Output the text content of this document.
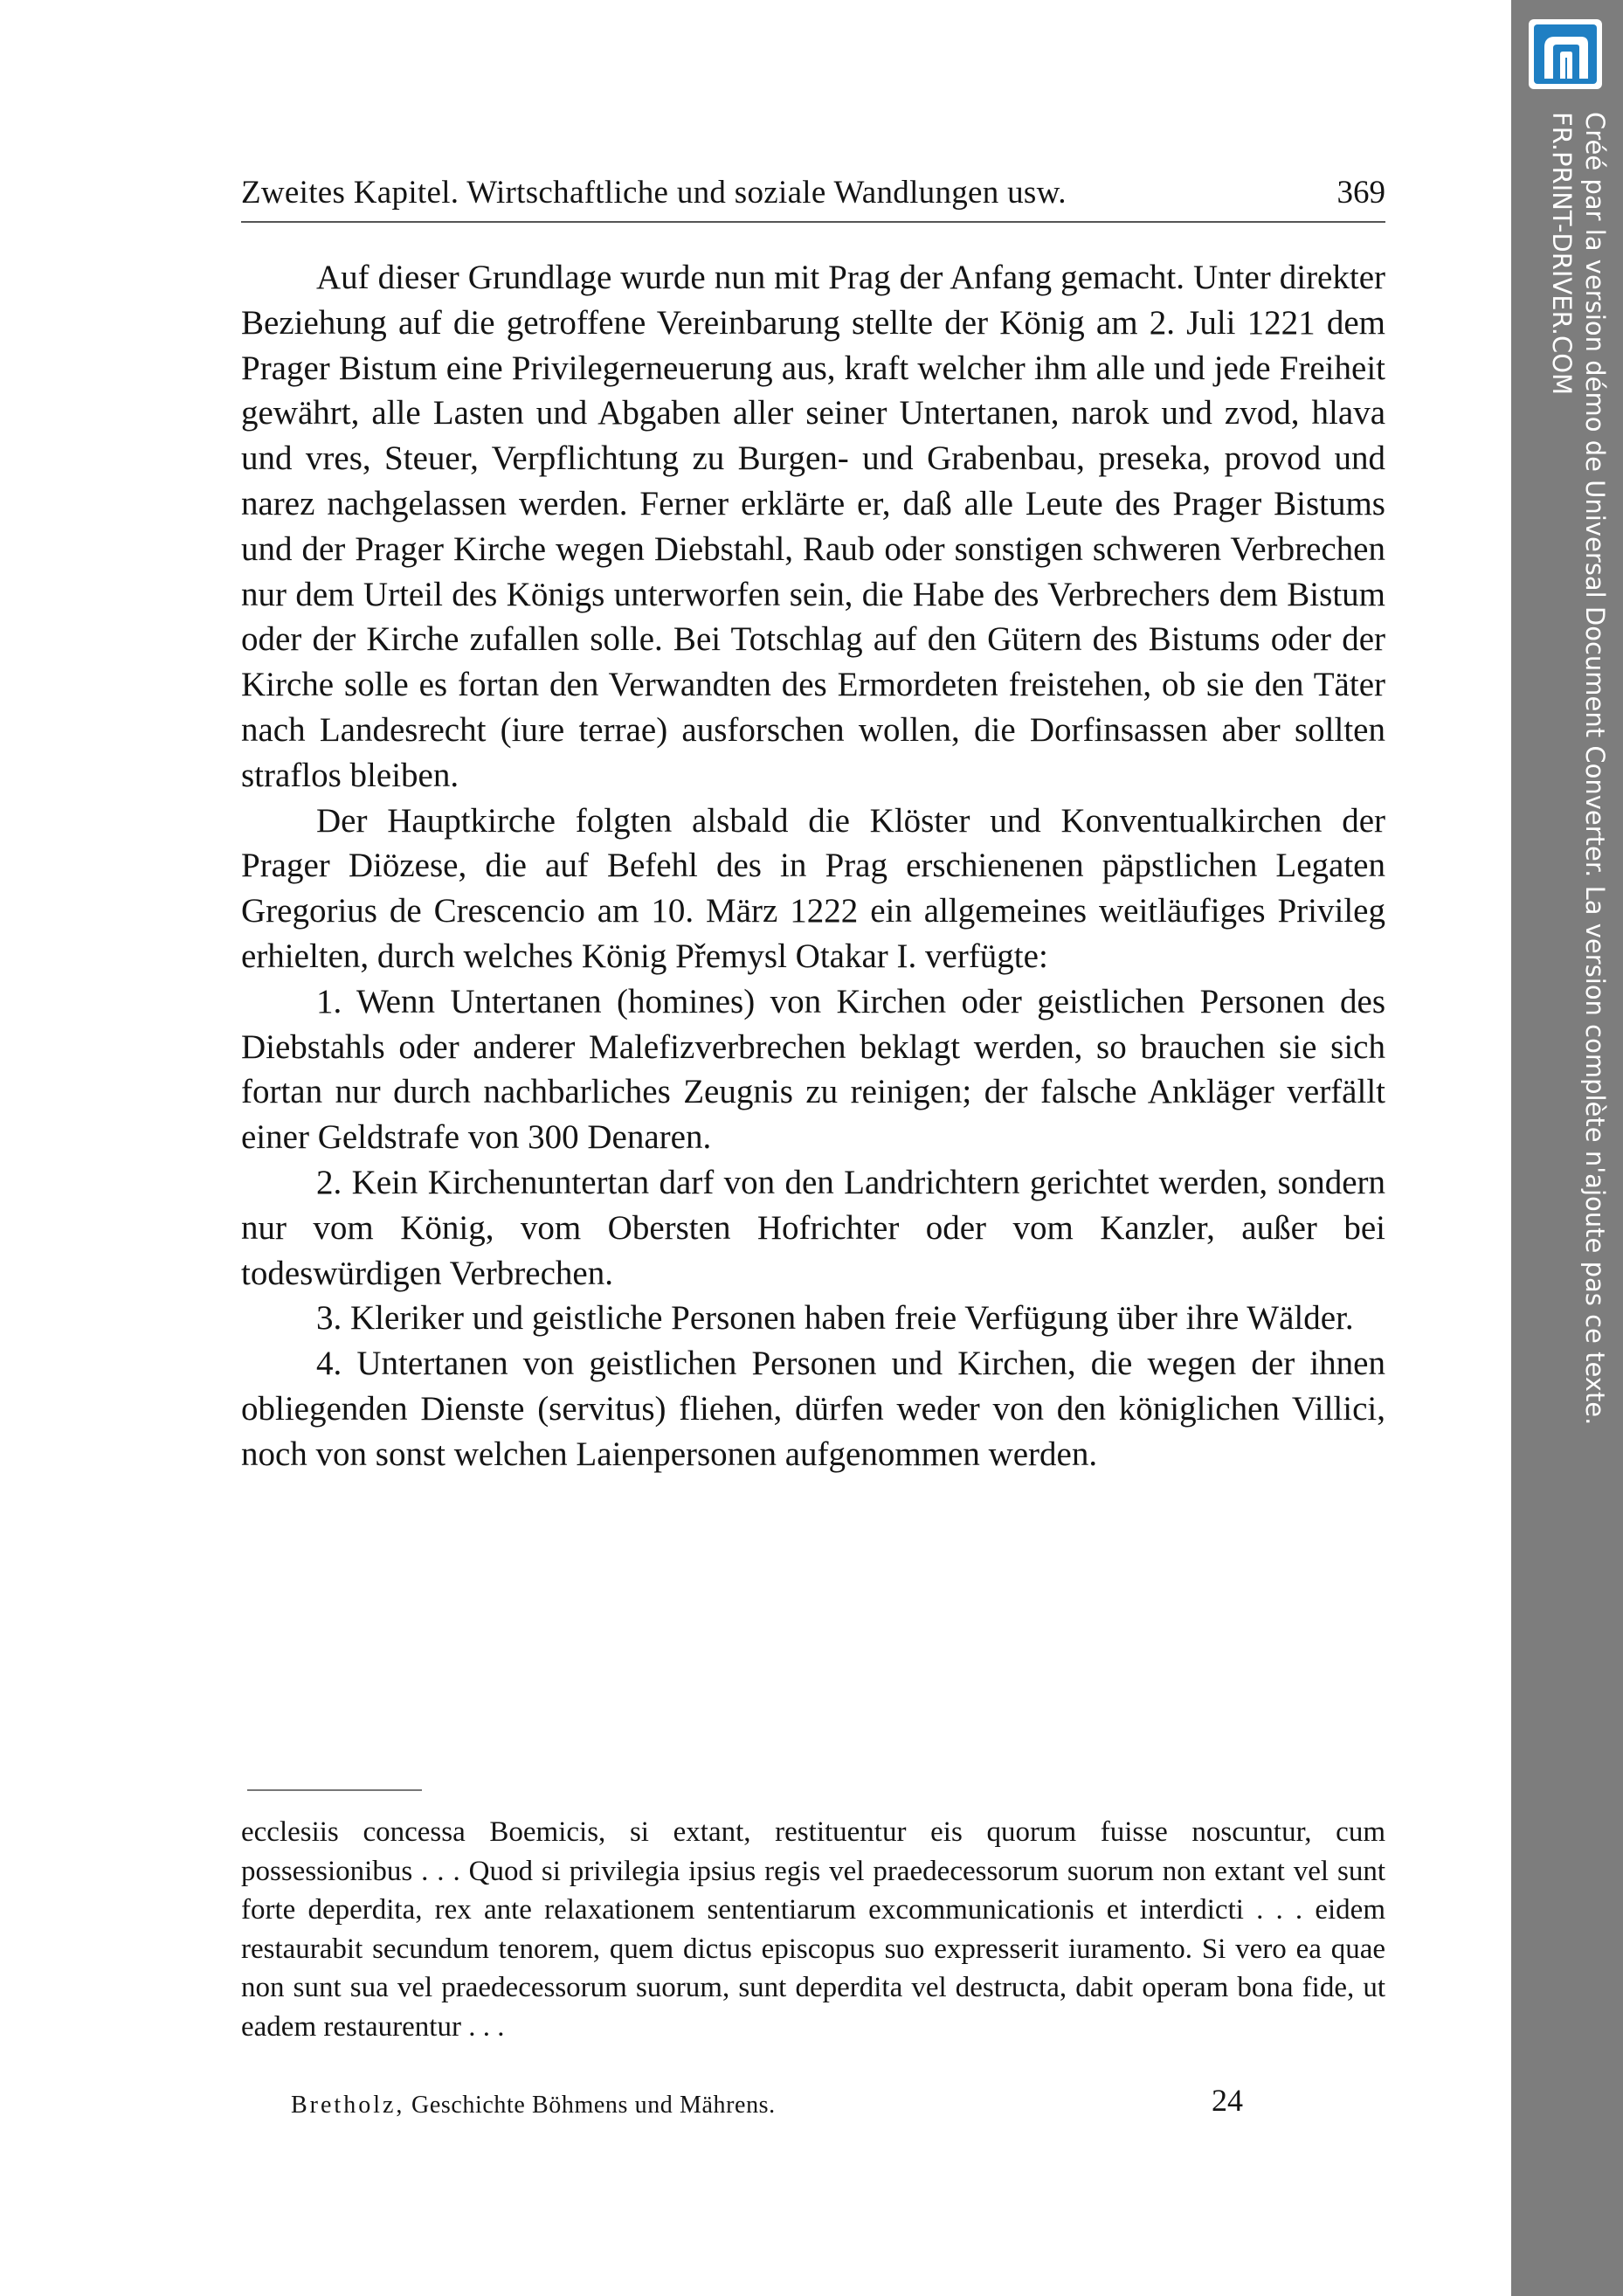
Zweites Kapitel. Wirtschaftliche und soziale Wandlungen usw.	369

Auf dieser Grundlage wurde nun mit Prag der Anfang gemacht. Unter direkter Beziehung auf die getroffene Vereinbarung stellte der König am 2. Juli 1221 dem Prager Bistum eine Privilegerneuerung aus, kraft welcher ihm alle und jede Freiheit gewährt, alle Lasten und Abgaben aller seiner Untertanen, narok und zvod, hlava und vres, Steuer, Verpflichtung zu Burgen- und Grabenbau, preseka, provod und narez nachgelassen werden. Ferner erklärte er, daß alle Leute des Prager Bistums und der Prager Kirche wegen Diebstahl, Raub oder sonstigen schweren Verbrechen nur dem Urteil des Königs unterworfen sein, die Habe des Verbrechers dem Bistum oder der Kirche zufallen solle. Bei Totschlag auf den Gütern des Bistums oder der Kirche solle es fortan den Verwandten des Ermordeten freistehen, ob sie den Täter nach Landesrecht (iure terrae) ausforschen wollen, die Dorfinsassen aber sollten straflos bleiben.

Der Hauptkirche folgten alsbald die Klöster und Konventualkirchen der Prager Diözese, die auf Befehl des in Prag erschienenen päpstlichen Legaten Gregorius de Crescencio am 10. März 1222 ein allgemeines weitläufiges Privileg erhielten, durch welches König Přemysl Otakar I. verfügte:

1. Wenn Untertanen (homines) von Kirchen oder geistlichen Personen des Diebstahls oder anderer Malefizverbrechen beklagt werden, so brauchen sie sich fortan nur durch nachbarliches Zeugnis zu reinigen; der falsche Ankläger verfällt einer Geldstrafe von 300 Denaren.

2. Kein Kirchenuntertan darf von den Landrichtern gerichtet werden, sondern nur vom König, vom Obersten Hofrichter oder vom Kanzler, außer bei todeswürdigen Verbrechen.

3. Kleriker und geistliche Personen haben freie Verfügung über ihre Wälder.

4. Untertanen von geistlichen Personen und Kirchen, die wegen der ihnen obliegenden Dienste (servitus) fliehen, dürfen weder von den königlichen Villici, noch von sonst welchen Laienpersonen aufgenommen werden.

ecclesiis concessa Boemicis, si extant, restituentur eis quorum fuisse noscuntur, cum possessionibus . . . Quod si privilegia ipsius regis vel praedecessorum suorum non extant vel sunt forte deperdita, rex ante relaxationem sententiarum excommunicationis et interdicti . . . eidem restaurabit secundum tenorem, quem dictus episcopus suo expresserit iuramento. Si vero ea quae non sunt sua vel praedecessorum suorum, sunt deperdita vel destructa, dabit operam bona fide, ut eadem restaurentur . . .

Bretholz, Geschichte Böhmens und Mährens.	24
Créé par la version démo de Universal Document Converter. La version complète n'ajoute pas ce texte.
FR.PRINT-DRIVER.COM
